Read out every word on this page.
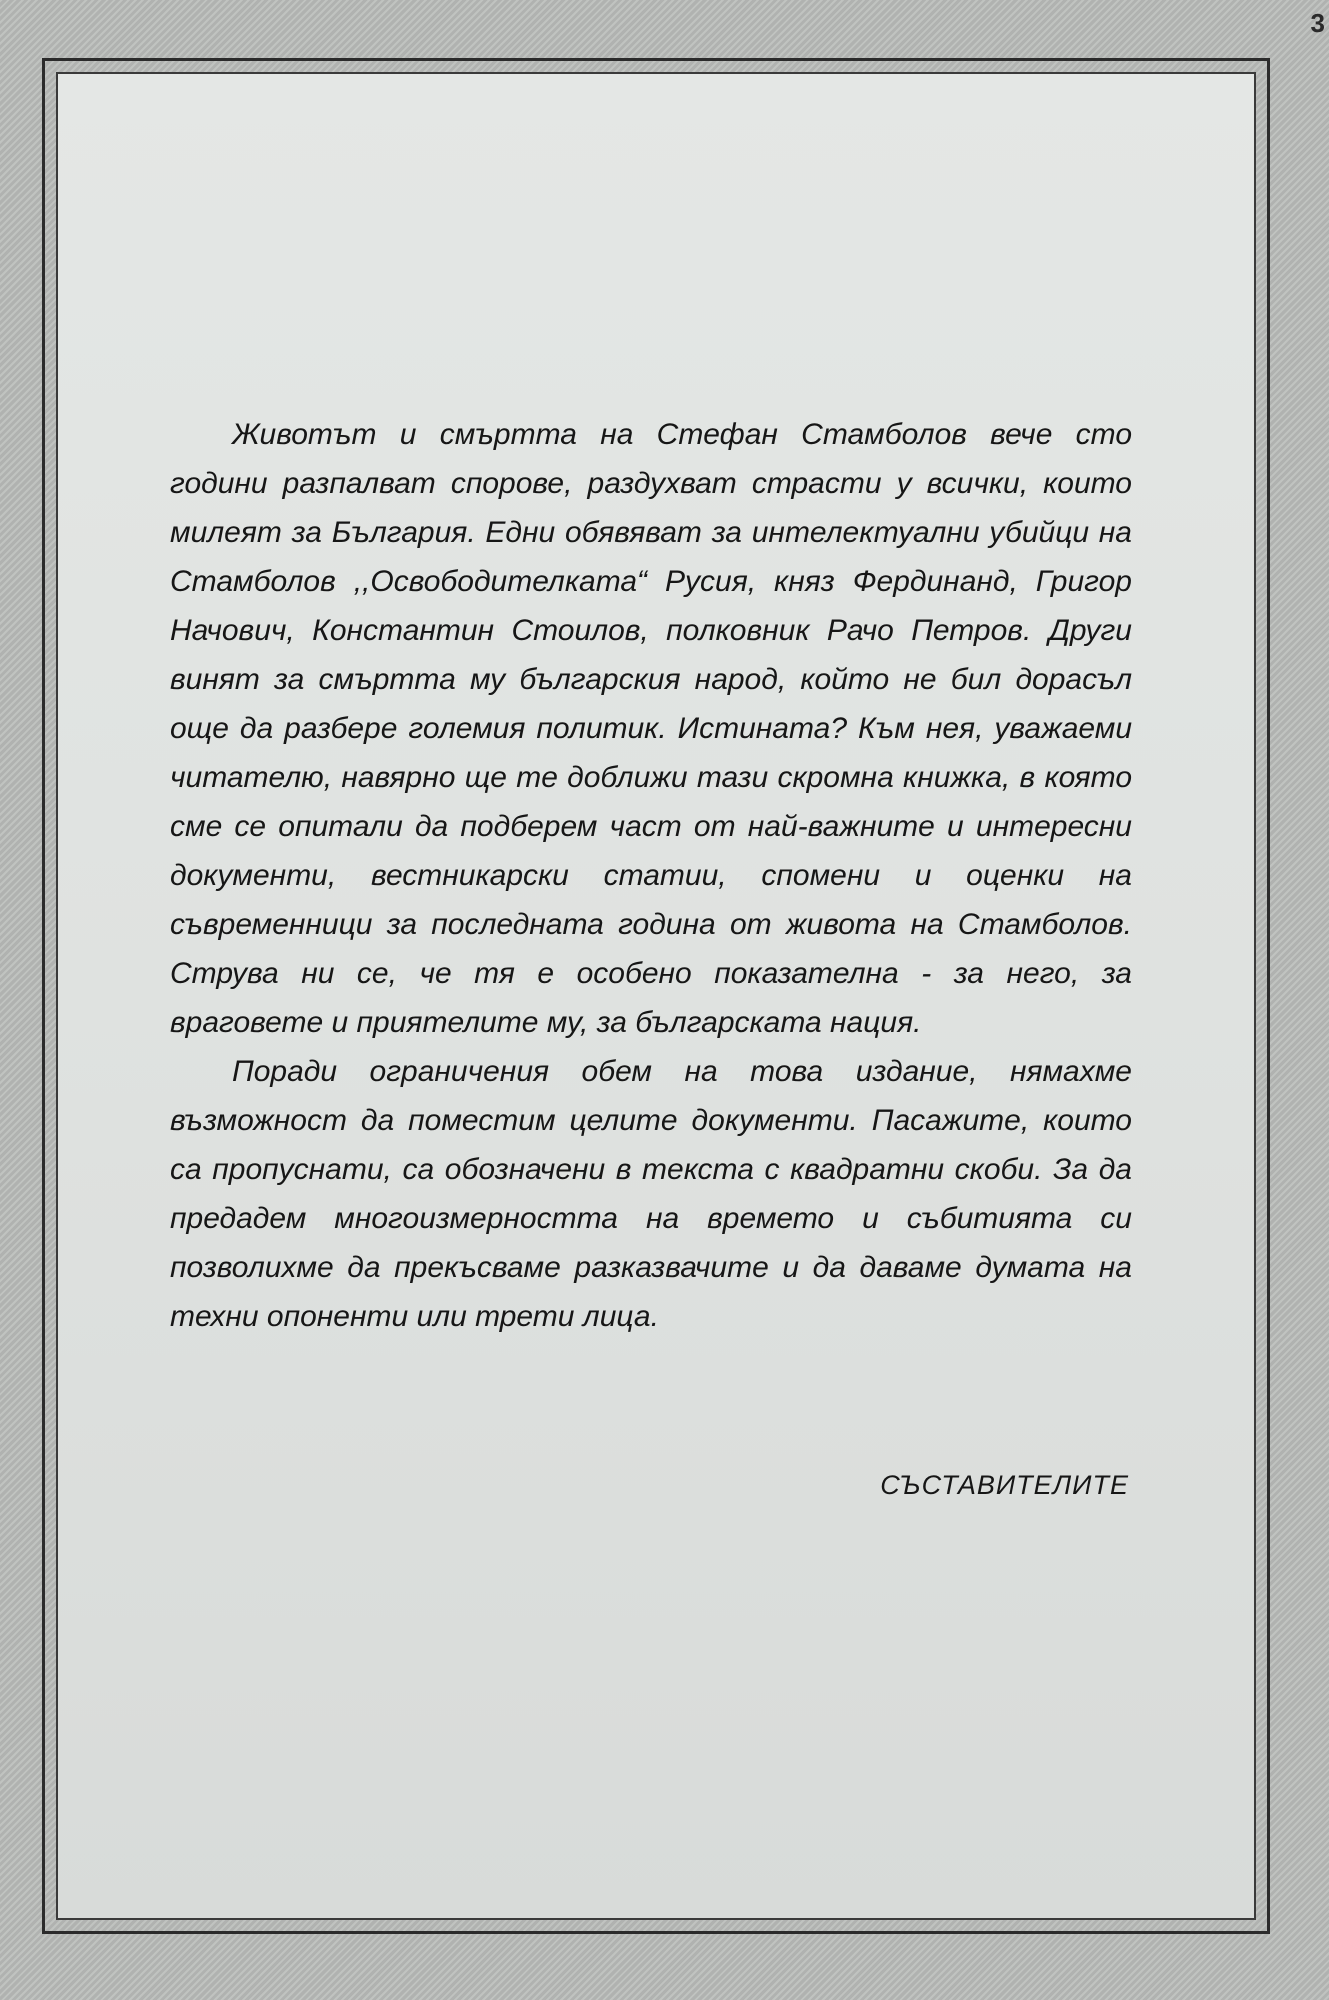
3

Животът и смъртта на Стефан Стамболов вече сто години разпалват спорове, раздухват страсти у всички, които милеят за България. Едни обявяват за интелектуални убийци на Стамболов ,,Освободителката“ Русия, княз Фердинанд, Григор Начович, Константин Стоилов, полковник Рачо Петров. Други винят за смъртта му българския народ, който не бил дорасъл още да разбере големия политик. Истината? Към нея, уважаеми читателю, навярно ще те доближи тази скромна книжка, в която сме се опитали да подберем част от най-важните и интересни документи, вестникарски статии, спомени и оценки на съвременници за последната година от живота на Стамболов. Струва ни се, че тя е особено показателна - за него, за враговете и приятелите му, за българската нация.

Поради ограничения обем на това издание, нямахме възможност да поместим целите документи. Пасажите, които са пропуснати, са обозначени в текста с квадратни скоби. За да предадем многоизмерността на времето и събитията си позволихме да прекъсваме разказвачите и да даваме думата на техни опоненти или трети лица.

СЪСТАВИТЕЛИТЕ
